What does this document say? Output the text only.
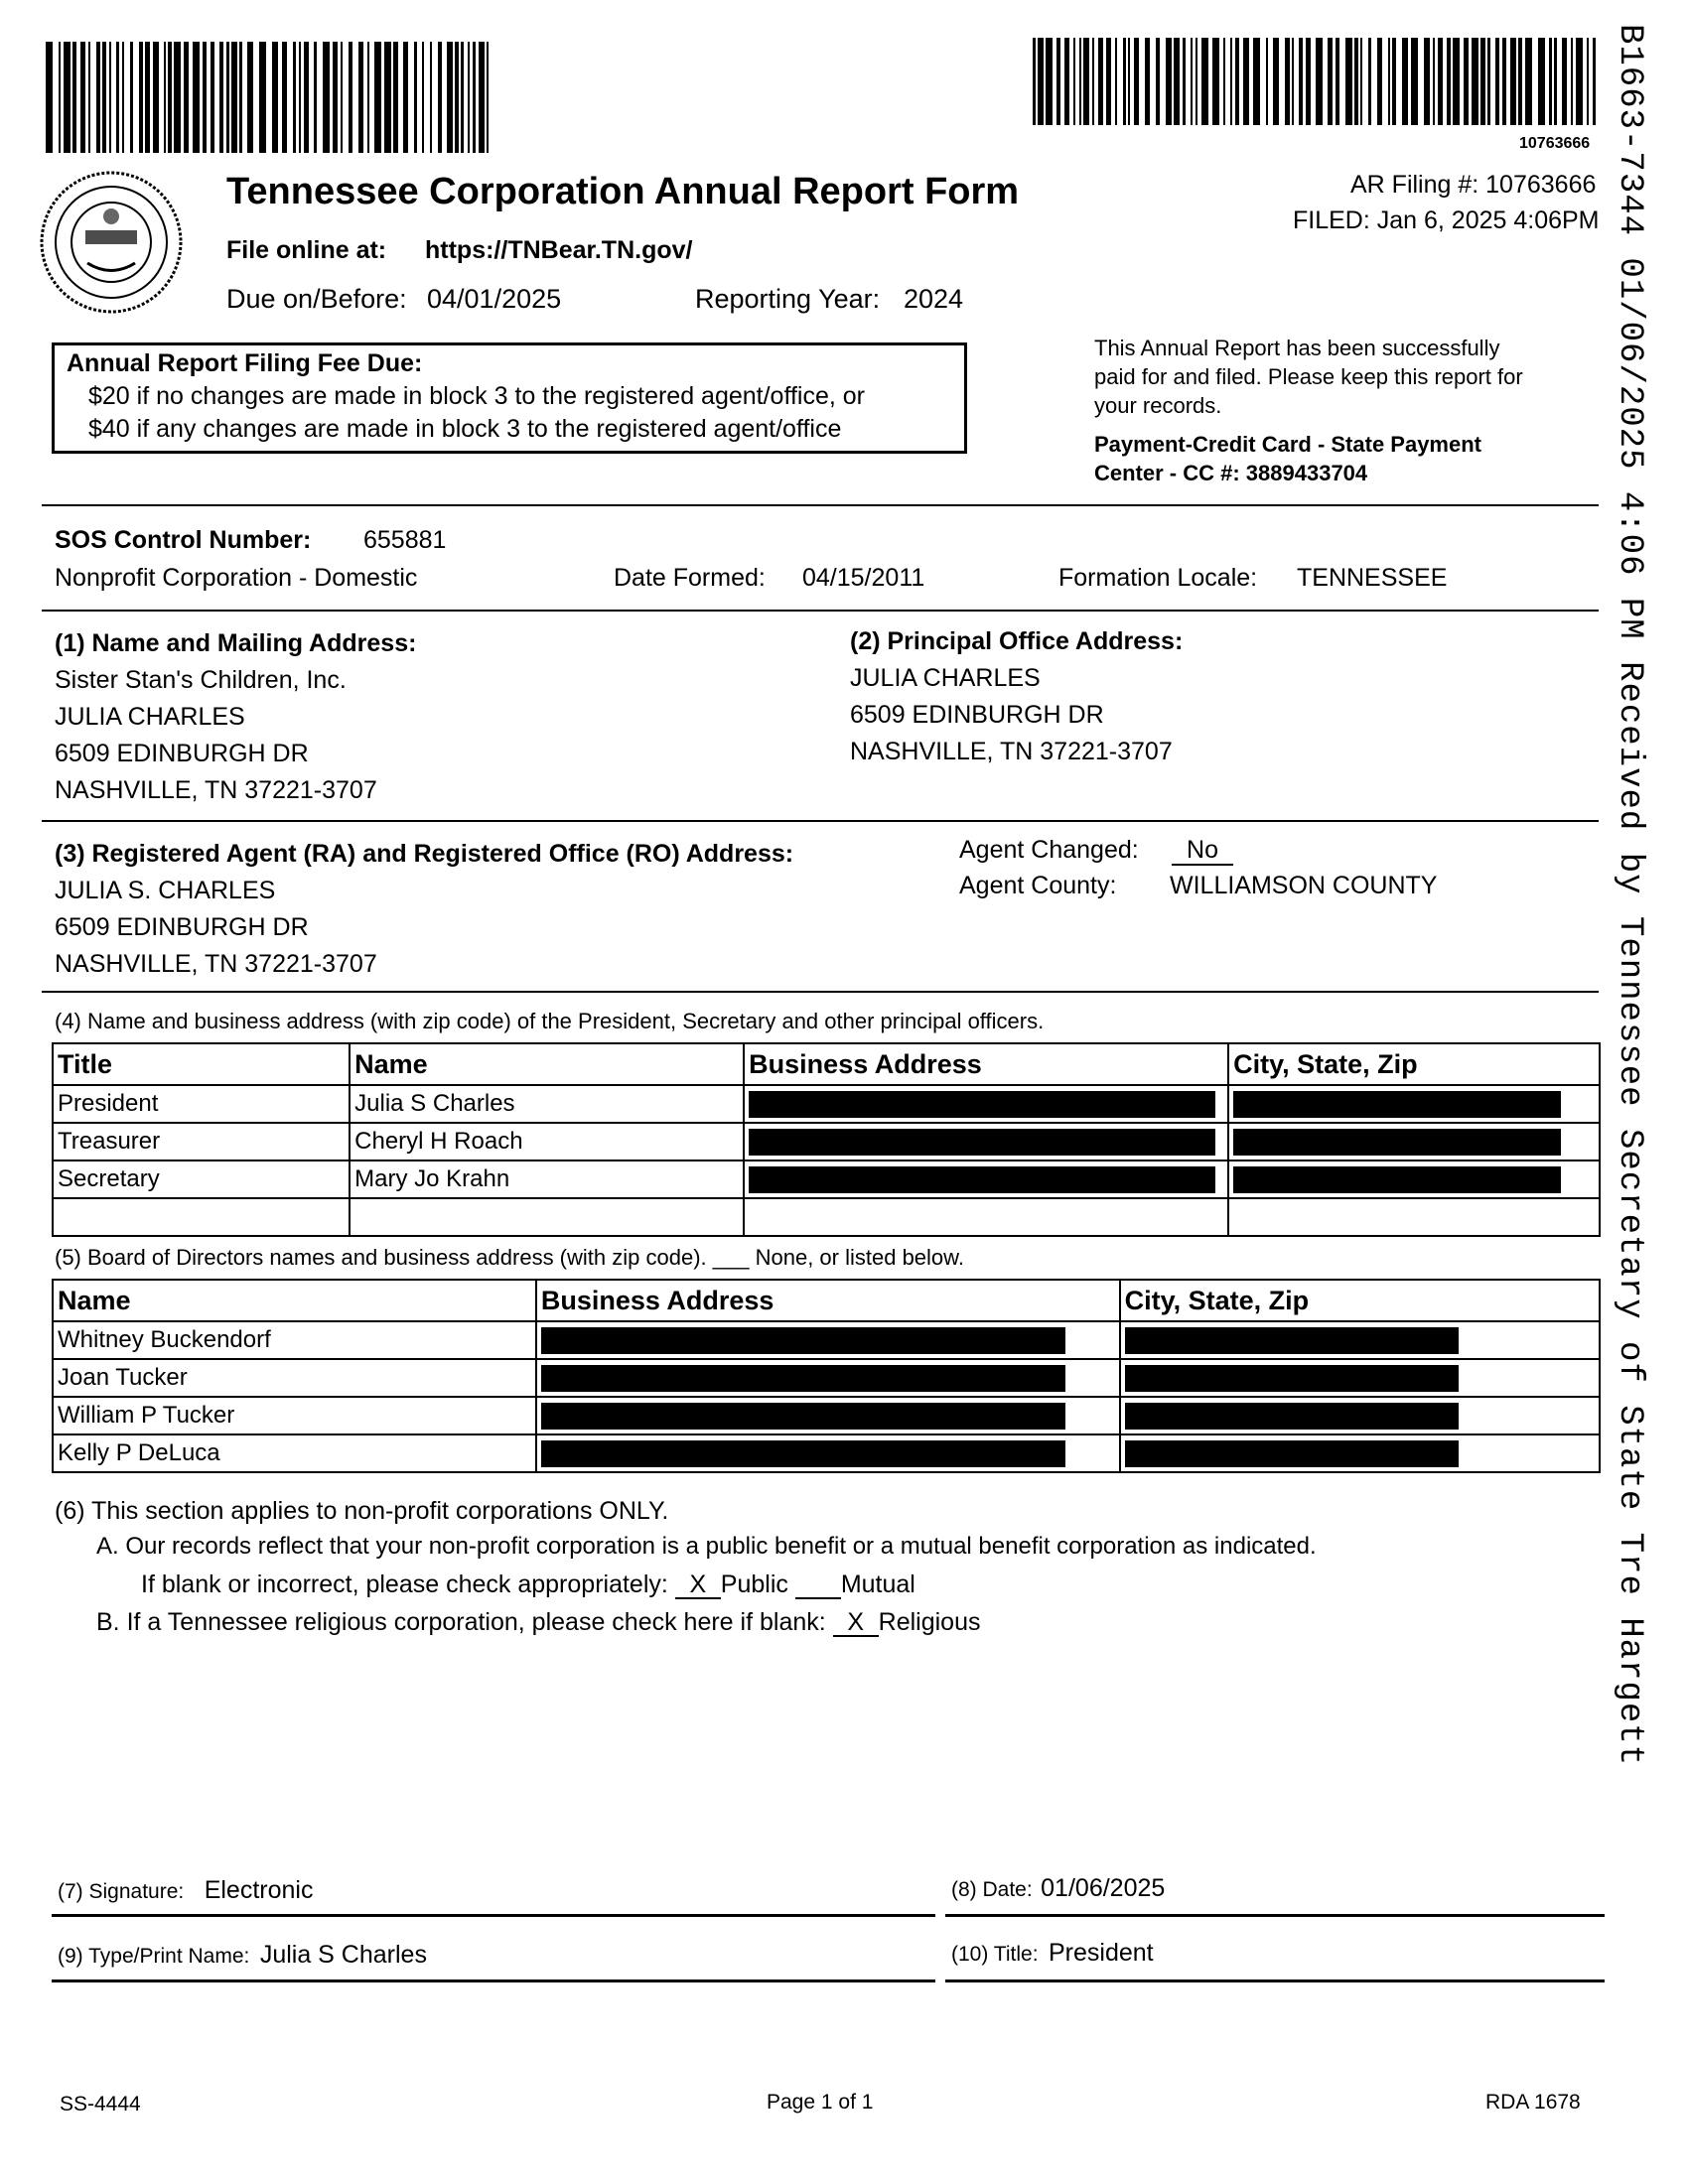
10763666 B1663-7344 01/06/2025 4:06 PM Received by Tennessee Secretary of State Tre Hargett
Tennessee Corporation Annual Report Form
File online at: https://TNBear.TN.gov/
Due on/Before: 04/01/2025	Reporting Year: 2024
AR Filing #: 10763666
FILED: Jan 6, 2025 4:06PM
Annual Report Filing Fee Due:
$20 if no changes are made in block 3 to the registered agent/office, or
$40 if any changes are made in block 3 to the registered agent/office
This Annual Report has been successfully
paid for and filed. Please keep this report for
your records.
Payment-Credit Card - State Payment
Center - CC #: 3889433704
SOS Control Number: 655881
Nonprofit Corporation - Domestic	Date Formed: 04/15/2011	Formation Locale: TENNESSEE
(1) Name and Mailing Address:
Sister Stan's Children, Inc.
JULIA CHARLES
6509 EDINBURGH DR
NASHVILLE, TN 37221-3707
(2) Principal Office Address:
JULIA CHARLES
6509 EDINBURGH DR
NASHVILLE, TN 37221-3707
(3) Registered Agent (RA) and Registered Office (RO) Address:
JULIA S. CHARLES
6509 EDINBURGH DR
NASHVILLE, TN 37221-3707
Agent Changed:	No
Agent County: WILLIAMSON COUNTY
(4) Name and business address (with zip code) of the President, Secretary and other principal officers.
Title	Name	Business Address	City, State, Zip
President	Julia S Charles	

Treasurer	Cheryl H Roach	

Secretary	Mary Jo Krahn	

(5) Board of Directors names and business address (with zip code). ___ None, or listed below.
Name	Business Address	City, State, Zip
Whitney Buckendorf	

Joan Tucker	

William P Tucker	

Kelly P DeLuca	

(6) This section applies to non-profit corporations ONLY.
A. Our records reflect that your non-profit corporation is a public benefit or a mutual benefit corporation as indicated.
If blank or incorrect, please check appropriately: X Public Mutual
B. If a Tennessee religious corporation, please check here if blank: X Religious
(7) Signature: Electronic	(8) Date: 01/06/2025
(9) Type/Print Name: Julia S Charles	(10) Title: President
SS-4444	Page 1 of 1	RDA 1678
